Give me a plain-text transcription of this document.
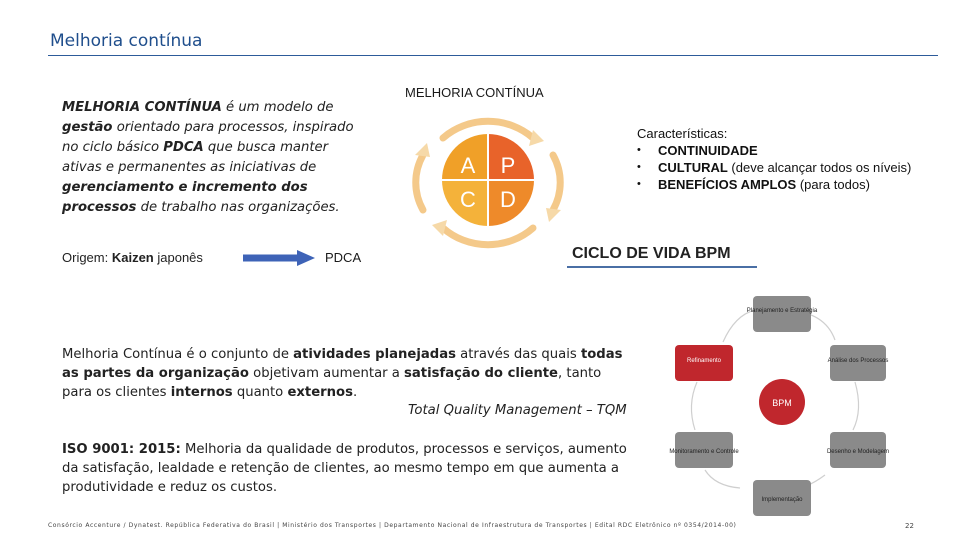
Melhoria contínua
MELHORIA CONTÍNUA é um modelo de gestão orientado para processos, inspirado no ciclo básico PDCA que busca manter ativas e permanentes as iniciativas de gerenciamento e incremento dos processos de trabalho nas organizações.
Origem: Kaizen japonês	PDCA
MELHORIA CONTÍNUA
A P
C D
Características:
• CONTINUIDADE
• CULTURAL (deve alcançar todos os níveis)
• BENEFÍCIOS AMPLOS (para todos)
CICLO DE VIDA BPM
Planejamento e Estratégia
Análise dos Processos
Desenho e Modelagem
Implementação
Monitoramento e Controle
Refinamento
BPM
Melhoria Contínua é o conjunto de atividades planejadas através das quais todas as partes da organização objetivam aumentar a satisfação do cliente, tanto para os clientes internos quanto externos.
Total Quality Management – TQM
ISO 9001: 2015: Melhoria da qualidade de produtos, processos e serviços, aumento da satisfação, lealdade e retenção de clientes, ao mesmo tempo em que aumenta a produtividade e reduz os custos.
Consórcio Accenture / Dynatest. República Federativa do Brasil | Ministério dos Transportes | Departamento Nacional de Infraestrutura de Transportes | Edital RDC Eletrônico nº 0354/2014-00)	22
